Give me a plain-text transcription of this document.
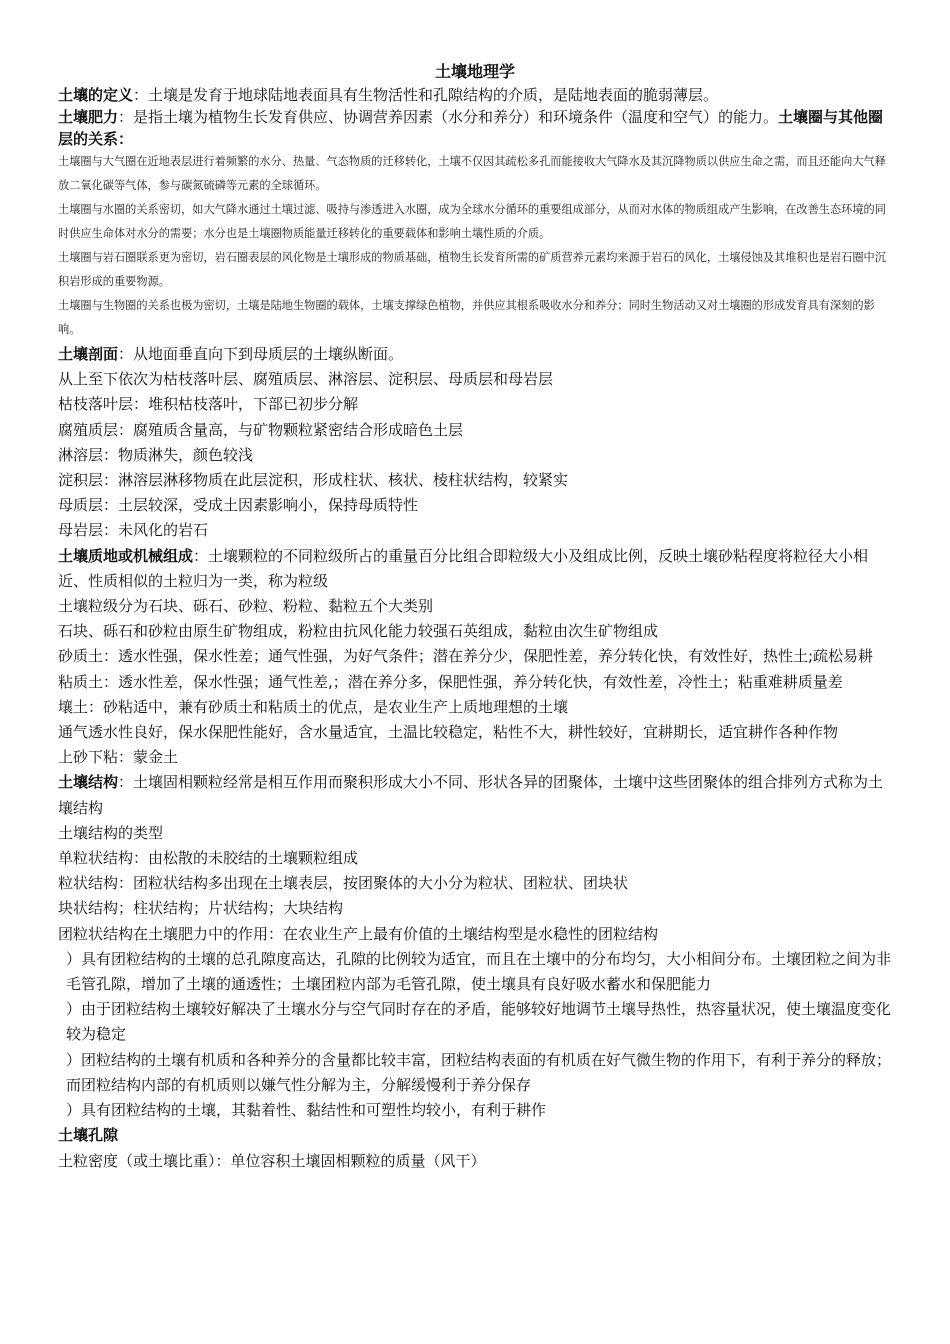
土壤地理学

土壤的定义：土壤是发育于地球陆地表面具有生物活性和孔隙结构的介质，是陆地表面的脆弱薄层。

土壤肥力：是指土壤为植物生长发育供应、协调营养因素（水分和养分）和环境条件（温度和空气）的能力。土壤圈与其他圈层的关系：

土壤圈与大气圈在近地表层进行着频繁的水分、热量、气态物质的迁移转化，土壤不仅因其疏松多孔而能接收大气降水及其沉降物质以供应生命之需，而且还能向大气释放二氧化碳等气体，参与碳氮硫磷等元素的全球循环。

土壤圈与水圈的关系密切，如大气降水通过土壤过滤、吸持与渗透进入水圈，成为全球水分循环的重要组成部分，从而对水体的物质组成产生影响，在改善生态环境的同时供应生命体对水分的需要；水分也是土壤圈物质能量迁移转化的重要载体和影响土壤性质的介质。

土壤圈与岩石圈联系更为密切，岩石圈表层的风化物是土壤形成的物质基础，植物生长发育所需的矿质营养元素均来源于岩石的风化，土壤侵蚀及其堆积也是岩石圈中沉积岩形成的重要物源。

土壤圈与生物圈的关系也极为密切，土壤是陆地生物圈的载体，土壤支撑绿色植物，并供应其根系吸收水分和养分；同时生物活动又对土壤圈的形成发育具有深刻的影响。

土壤剖面：从地面垂直向下到母质层的土壤纵断面。

从上至下依次为枯枝落叶层、腐殖质层、淋溶层、淀积层、母质层和母岩层

枯枝落叶层：堆积枯枝落叶，下部已初步分解

腐殖质层：腐殖质含量高，与矿物颗粒紧密结合形成暗色土层

淋溶层：物质淋失，颜色较浅

淀积层：淋溶层淋移物质在此层淀积，形成柱状、核状、棱柱状结构，较紧实

母质层：土层较深，受成土因素影响小，保持母质特性

母岩层：未风化的岩石

土壤质地或机械组成：土壤颗粒的不同粒级所占的重量百分比组合即粒级大小及组成比例，反映土壤砂粘程度将粒径大小相近、性质相似的土粒归为一类，称为粒级

土壤粒级分为石块、砾石、砂粒、粉粒、黏粒五个大类别

石块、砾石和砂粒由原生矿物组成，粉粒由抗风化能力较强石英组成，黏粒由次生矿物组成

砂质土：透水性强，保水性差；通气性强，为好气条件；潜在养分少，保肥性差，养分转化快，有效性好，热性土;疏松易耕

粘质土：透水性差，保水性强；通气性差,；潜在养分多，保肥性强，养分转化快，有效性差，冷性土；粘重难耕质量差

壤土：砂粘适中，兼有砂质土和粘质土的优点，是农业生产上质地理想的土壤

通气透水性良好，保水保肥性能好，含水量适宜，土温比较稳定，粘性不大，耕性较好，宜耕期长，适宜耕作各种作物

上砂下粘：蒙金土

土壤结构：土壤固相颗粒经常是相互作用而聚积形成大小不同、形状各异的团聚体，土壤中这些团聚体的组合排列方式称为土壤结构

土壤结构的类型

单粒状结构：由松散的未胶结的土壤颗粒组成

粒状结构：团粒状结构多出现在土壤表层，按团聚体的大小分为粒状、团粒状、团块状

块状结构；柱状结构；片状结构；大块结构

团粒状结构在土壤肥力中的作用：在农业生产上最有价值的土壤结构型是水稳性的团粒结构

）具有团粒结构的土壤的总孔隙度高达，孔隙的比例较为适宜，而且在土壤中的分布均匀，大小相间分布。土壤团粒之间为非毛管孔隙，增加了土壤的通透性；土壤团粒内部为毛管孔隙，使土壤具有良好吸水蓄水和保肥能力

）由于团粒结构土壤较好解决了土壤水分与空气同时存在的矛盾，能够较好地调节土壤导热性，热容量状况，使土壤温度变化较为稳定

）团粒结构的土壤有机质和各种养分的含量都比较丰富，团粒结构表面的有机质在好气微生物的作用下，有利于养分的释放；而团粒结构内部的有机质则以嫌气性分解为主，分解缓慢利于养分保存

）具有团粒结构的土壤，其黏着性、黏结性和可塑性均较小，有利于耕作

土壤孔隙

土粒密度（或土壤比重）：单位容积土壤固相颗粒的质量（风干）
